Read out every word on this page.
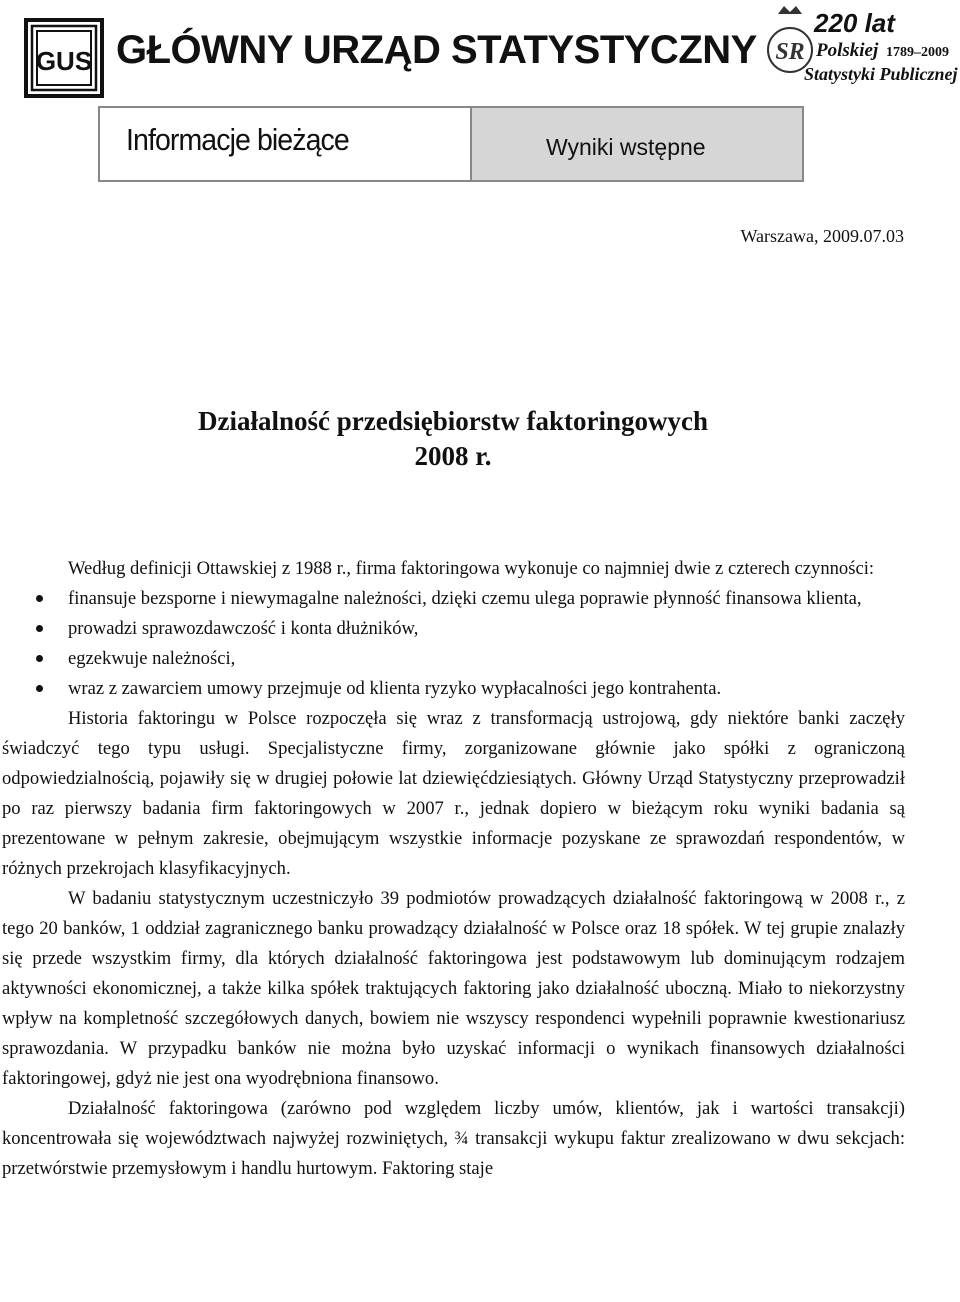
GUS GŁÓWNY URZĄD STATYSTYCZNY SR
220 lat
Polskiej 1789–2009
Statystyki Publicznej
Informacje bieżące	Wyniki wstępne
Warszawa, 2009.07.03
Działalność przedsiębiorstw faktoringowych
2008 r.

Według definicji Ottawskiej z 1988 r., firma faktoringowa wykonuje co najmniej dwie z czterech czynności:

finansuje bezsporne i niewymagalne należności, dzięki czemu ulega poprawie płynność finansowa klienta,
prowadzi sprawozdawczość i konta dłużników,
egzekwuje należności,
wraz z zawarciem umowy przejmuje od klienta ryzyko wypłacalności jego kontrahenta.

Historia faktoringu w Polsce rozpoczęła się wraz z transformacją ustrojową, gdy niektóre banki zaczęły świadczyć tego typu usługi. Specjalistyczne firmy, zorganizowane głównie jako spółki z ograniczoną odpowiedzialnością, pojawiły się w drugiej połowie lat dziewięćdziesiątych. Główny Urząd Statystyczny przeprowadził po raz pierwszy badania firm faktoringowych w 2007 r., jednak dopiero w bieżącym roku wyniki badania są prezentowane w pełnym zakresie, obejmującym wszystkie informacje pozyskane ze sprawozdań respondentów, w różnych przekrojach klasyfikacyjnych.

W badaniu statystycznym uczestniczyło 39 podmiotów prowadzących działalność faktoringową w 2008 r., z tego 20 banków, 1 oddział zagranicznego banku prowadzący działalność w Polsce oraz 18 spółek. W tej grupie znalazły się przede wszystkim firmy, dla których działalność faktoringowa jest podstawowym lub dominującym rodzajem aktywności ekonomicznej, a także kilka spółek traktujących faktoring jako działalność uboczną. Miało to niekorzystny wpływ na kompletność szczegółowych danych, bowiem nie wszyscy respondenci wypełnili poprawnie kwestionariusz sprawozdania. W przypadku banków nie można było uzyskać informacji o wynikach finansowych działalności faktoringowej, gdyż nie jest ona wyodrębniona finansowo.

Działalność faktoringowa (zarówno pod względem liczby umów, klientów, jak i wartości transakcji) koncentrowała się województwach najwyżej rozwiniętych, ¾ transakcji wykupu faktur zrealizowano w dwu sekcjach: przetwórstwie przemysłowym i handlu hurtowym. Faktoring staje
